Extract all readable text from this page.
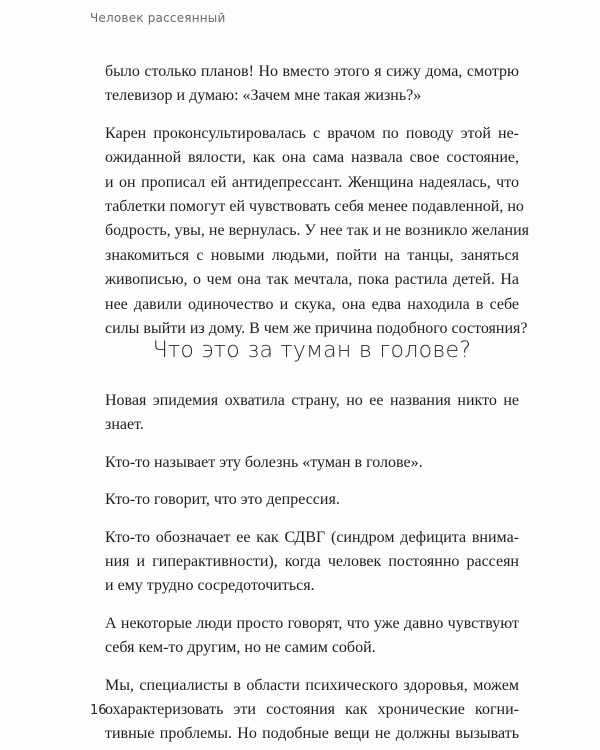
Человек рассеянный
было столько планов! Но вместо этого я сижу дома, смотрю
телевизор и думаю: «Зачем мне такая жизнь?»
Карен проконсультировалась с врачом по поводу этой не-
ожиданной вялости, как она сама назвала свое состояние,
и он прописал ей антидепрессант. Женщина надеялась, что
таблетки помогут ей чувствовать себя менее подавленной, но
бодрость, увы, не вернулась. У нее так и не возникло желания
знакомиться с новыми людьми, пойти на танцы, заняться
живописью, о чем она так мечтала, пока растила детей. На
нее давили одиночество и скука, она едва находила в себе
силы выйти из дому. В чем же причина подобного состояния?
Что это за туман в голове?
Новая эпидемия охватила страну, но ее названия никто не
знает.
Кто-то называет эту болезнь «туман в голове».
Кто-то говорит, что это депрессия.
Кто-то обозначает ее как СДВГ (синдром дефицита внима-
ния и гиперактивности), когда человек постоянно рассеян
и ему трудно сосредоточиться.
А некоторые люди просто говорят, что уже давно чувствуют
себя кем-то другим, но не самим собой.
Мы, специалисты в области психического здоровья, можем
охарактеризовать эти состояния как хронические когни-
тивные проблемы. Но подобные вещи не должны вызывать
16
